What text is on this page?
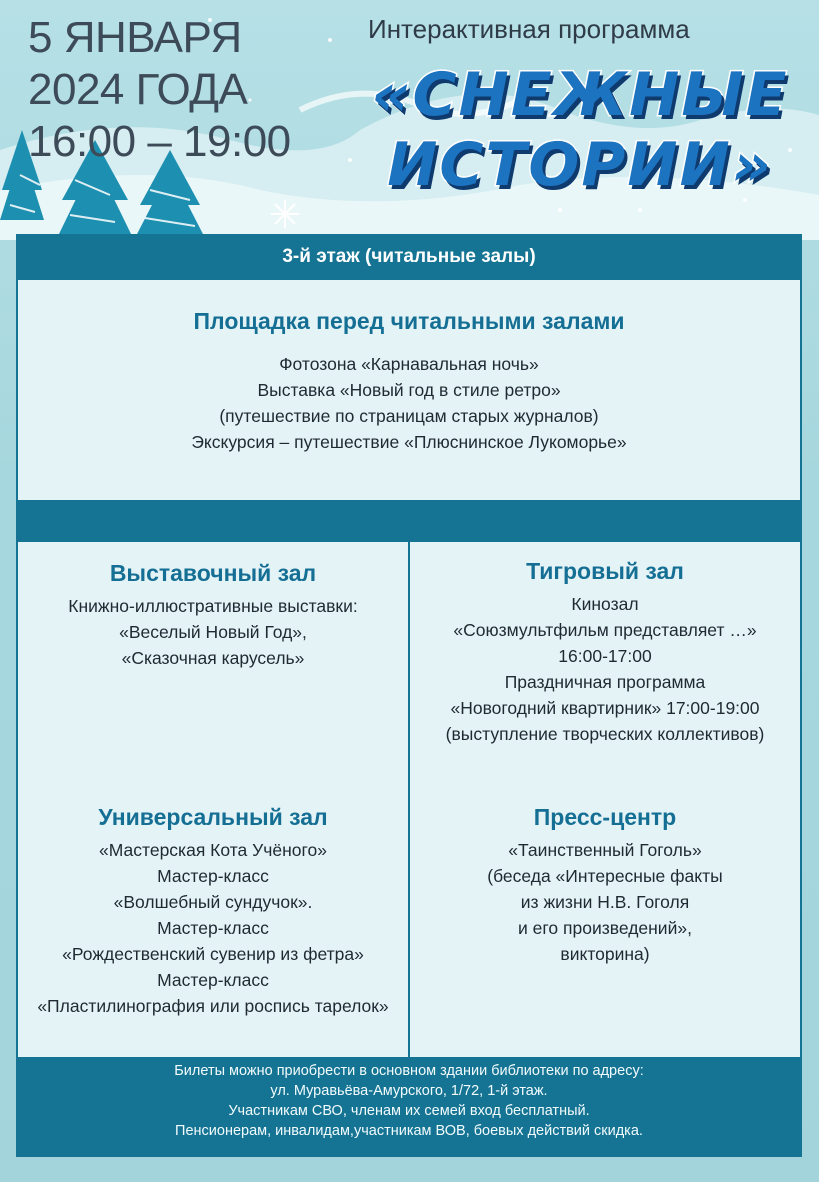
5 ЯНВАРЯ
2024 ГОДА
16:00 – 19:00
Интерактивная программа
«СНЕЖНЫЕ
ИСТОРИИ»
3-й этаж (читальные залы)
Площадка перед читальными залами
Фотозона «Карнавальная ночь»
Выставка «Новый год в стиле ретро»
(путешествие по страницам старых журналов)
Экскурсия – путешествие «Плюснинское Лукоморье»
Выставочный зал
Книжно-иллюстративные выставки:
«Веселый Новый Год»,
«Сказочная карусель»
Универсальный зал
«Мастерская Кота Учёного»
Мастер-класс
«Волшебный сундучок».
Мастер-класс
«Рождественский сувенир из фетра»
Мастер-класс
«Пластилинография или роспись тарелок»
Тигровый зал
Кинозал
«Союзмультфильм представляет …»
16:00-17:00
Праздничная программа
«Новогодний квартирник» 17:00-19:00
(выступление творческих коллективов)
Пресс-центр
«Таинственный Гоголь»
(беседа «Интересные факты
из жизни Н.В. Гоголя
и его произведений»,
викторина)
Билеты можно приобрести в основном здании библиотеки по адресу:
ул. Муравьёва-Амурского, 1/72, 1-й этаж.
Участникам СВО, членам их семей вход бесплатный.
Пенсионерам, инвалидам,участникам ВОВ, боевых действий скидка.
